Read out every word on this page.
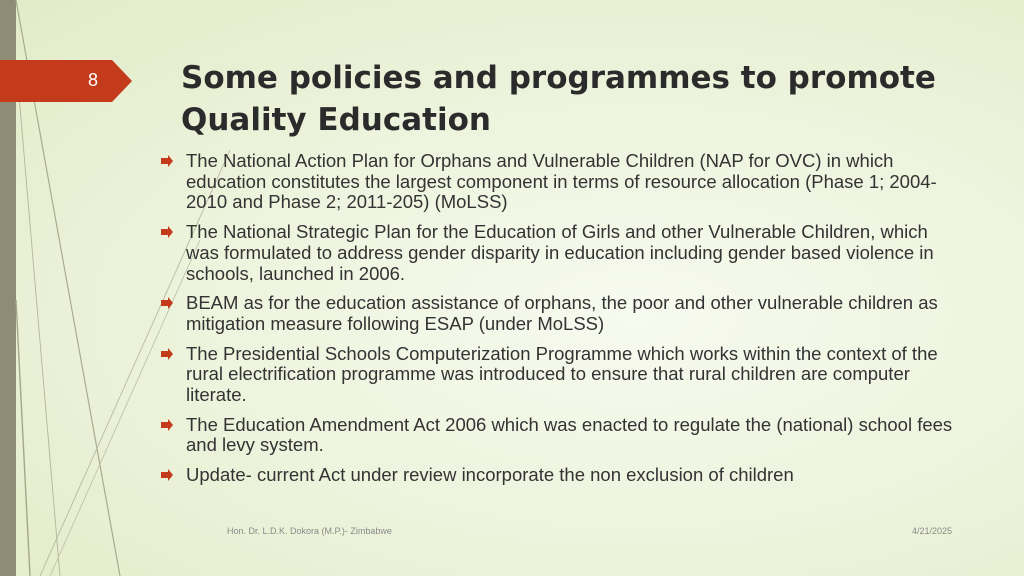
8	Some policies and programmes to promote Quality Education
The National Action Plan for Orphans and Vulnerable Children (NAP for OVC) in which education constitutes the largest component in terms of resource allocation (Phase 1; 2004-2010 and Phase 2; 2011-205) (MoLSS)
The National Strategic Plan for the Education of Girls and other Vulnerable Children, which was formulated to address gender disparity in education including gender based violence in schools, launched in 2006.
BEAM as for the education assistance of orphans, the poor and other vulnerable children as mitigation measure following ESAP (under MoLSS)
The Presidential Schools Computerization Programme which works within the context of the rural electrification programme was introduced to ensure that rural children are computer literate.
The Education Amendment Act 2006 which was enacted to regulate the (national) school fees and levy system.
Update- current Act under review incorporate the non exclusion of children
Hon. Dr. L.D.K. Dokora (M.P.)- Zimbabwe	4/21/2025
